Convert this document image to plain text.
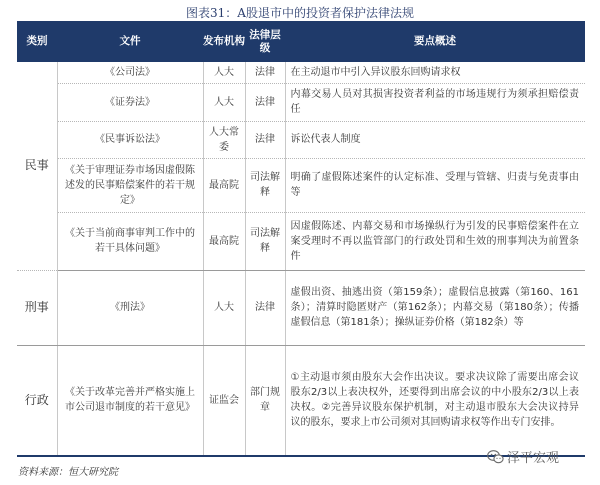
图表31：A股退市中的投资者保护法律法规
类别	文件	发布机构	法律层级	要点概述
民事	《公司法》	人大	法律	在主动退市中引入异议股东回购请求权
	《证券法》	人大	法律	内幕交易人员对其损害投资者利益的市场违规行为须承担赔偿责任
	《民事诉讼法》	人大常委	法律	诉讼代表人制度
	《关于审理证券市场因虚假陈述发的民事赔偿案件的若干规定》	最高院	司法解释	明确了虚假陈述案件的认定标准、受理与管辖、归责与免责事由等
	《关于当前商事审判工作中的若干具体问题》	最高院	司法解释	因虚假陈述、内幕交易和市场操纵行为引发的民事赔偿案件在立案受理时不再以监管部门的行政处罚和生效的刑事判决为前置条件
刑事	《刑法》	人大	法律	虚假出资、抽逃出资（第159条）；虚假信息披露（第160、161条）；清算时隐匿财产（第162条）；内幕交易（第180条）；传播虚假信息（第181条）；操纵证券价格（第182条）等
行政	《关于改革完善并严格实施上市公司退市制度的若干意见》	证监会	部门规章	①主动退市须由股东大会作出决议。要求决议除了需要出席会议股东2/3以上表决权外，还要得到出席会议的中小股东2/3以上表决权。②完善异议股东保护机制，对主动退市股东大会决议持异议的股东，要求上市公司须对其回购请求权等作出专门安排。
资料来源：恒大研究院
泽平宏观
